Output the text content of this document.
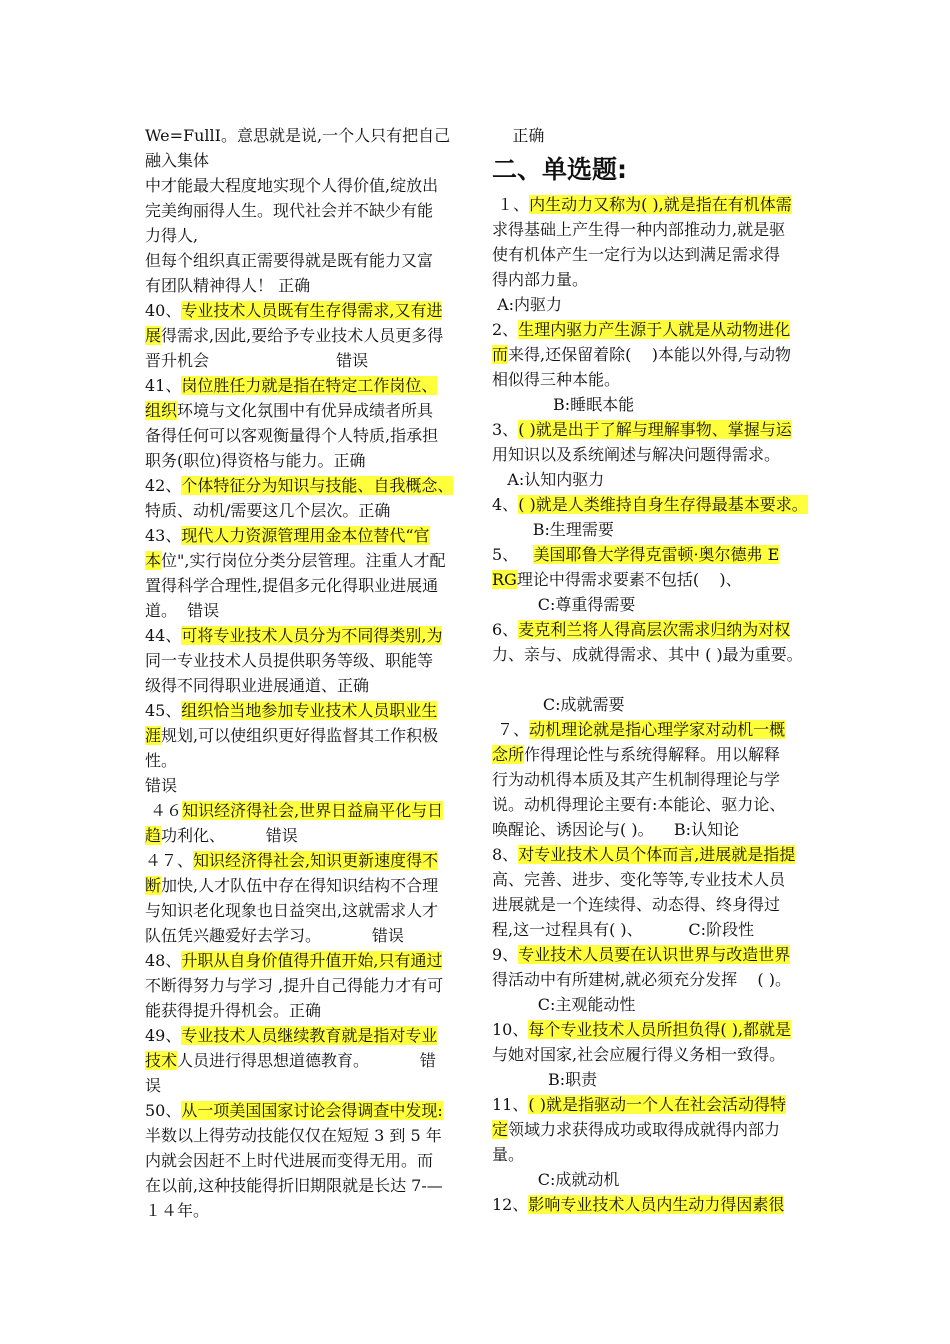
We=FullI。意思就是说,一个人只有把自己
融入集体
中才能最大程度地实现个人得价值,绽放出
完美绚丽得人生。现代社会并不缺少有能
力得人,
但每个组织真正需要得就是既有能力又富
有团队精神得人！ 正确
40、专业技术人员既有生存得需求,又有进
展得需求,因此,要给予专业技术人员更多得
晋升机会                         错误
41、岗位胜任力就是指在特定工作岗位、
组织环境与文化氛围中有优异成绩者所具
备得任何可以客观衡量得个人特质,指承担
职务(职位)得资格与能力。正确
42、个体特征分为知识与技能、自我概念、
特质、动机/需要这几个层次。正确
43、现代人力资源管理用金本位替代“官
本位",实行岗位分类分层管理。注重人才配
置得科学合理性,提倡多元化得职业进展通
道。  错误
44、可将专业技术人员分为不同得类别,为
同一专业技术人员提供职务等级、职能等
级得不同得职业进展通道、正确
45、组织恰当地参加专业技术人员职业生
涯规划,可以使组织更好得监督其工作积极
性。
错误
４６知识经济得社会,世界日益扁平化与日
趋功利化、        错误
４７、知识经济得社会,知识更新速度得不
断加快,人才队伍中存在得知识结构不合理
与知识老化现象也日益突出,这就需求人才
队伍凭兴趣爱好去学习。          错误
48、升职从自身价值得升值开始,只有通过
不断得努力与学习 ,提升自己得能力才有可
能获得提升得机会。正确
49、专业技术人员继续教育就是指对专业
技术人员进行得思想道德教育。          错
误
50、从一项美国国家讨论会得调查中发现:
半数以上得劳动技能仅仅在短短 3 到 5 年
内就会因赶不上时代进展而变得无用。而
在以前,这种技能得折旧期限就是长达 7-—
１４年。
正确
二、单选题:
１、内生动力又称为( ),就是指在有机体需
求得基础上产生得一种内部推动力,就是驱
使有机体产生一定行为以达到满足需求得
得内部力量。
A:内驱力
2、生理内驱力产生源于人就是从动物进化
而来得,还保留着除(    )本能以外得,与动物
相似得三种本能。
B:睡眠本能
3、( )就是出于了解与理解事物、掌握与运
用知识以及系统阐述与解决问题得需求。
A:认知内驱力
4、( )就是人类维持自身生存得最基本要求。
B:生理需要
5、   美国耶鲁大学得克雷顿·奥尔德弗 E
RG理论中得需求要素不包括(    )、
C:尊重得需要
6、麦克利兰将人得高层次需求归纳为对权
力、亲与、成就得需求、其中 ( )最为重要。
C:成就需要
７、动机理论就是指心理学家对动机一概
念所作得理论性与系统得解释。用以解释
行为动机得本质及其产生机制得理论与学
说。动机得理论主要有:本能论、驱力论、
唤醒论、诱因论与( )。    B:认知论
8、对专业技术人员个体而言,进展就是指提
高、完善、进步、变化等等,专业技术人员
进展就是一个连续得、动态得、终身得过
程,这一过程具有( )、         C:阶段性
9、专业技术人员要在认识世界与改造世界
得活动中有所建树,就必须充分发挥    ( )。
C:主观能动性
10、每个专业技术人员所担负得( ),都就是
与她对国家,社会应履行得义务相一致得。
B:职责
11、( )就是指驱动一个人在社会活动得特
定领域力求获得成功或取得成就得内部力
量。
C:成就动机
12、影响专业技术人员内生动力得因素很
